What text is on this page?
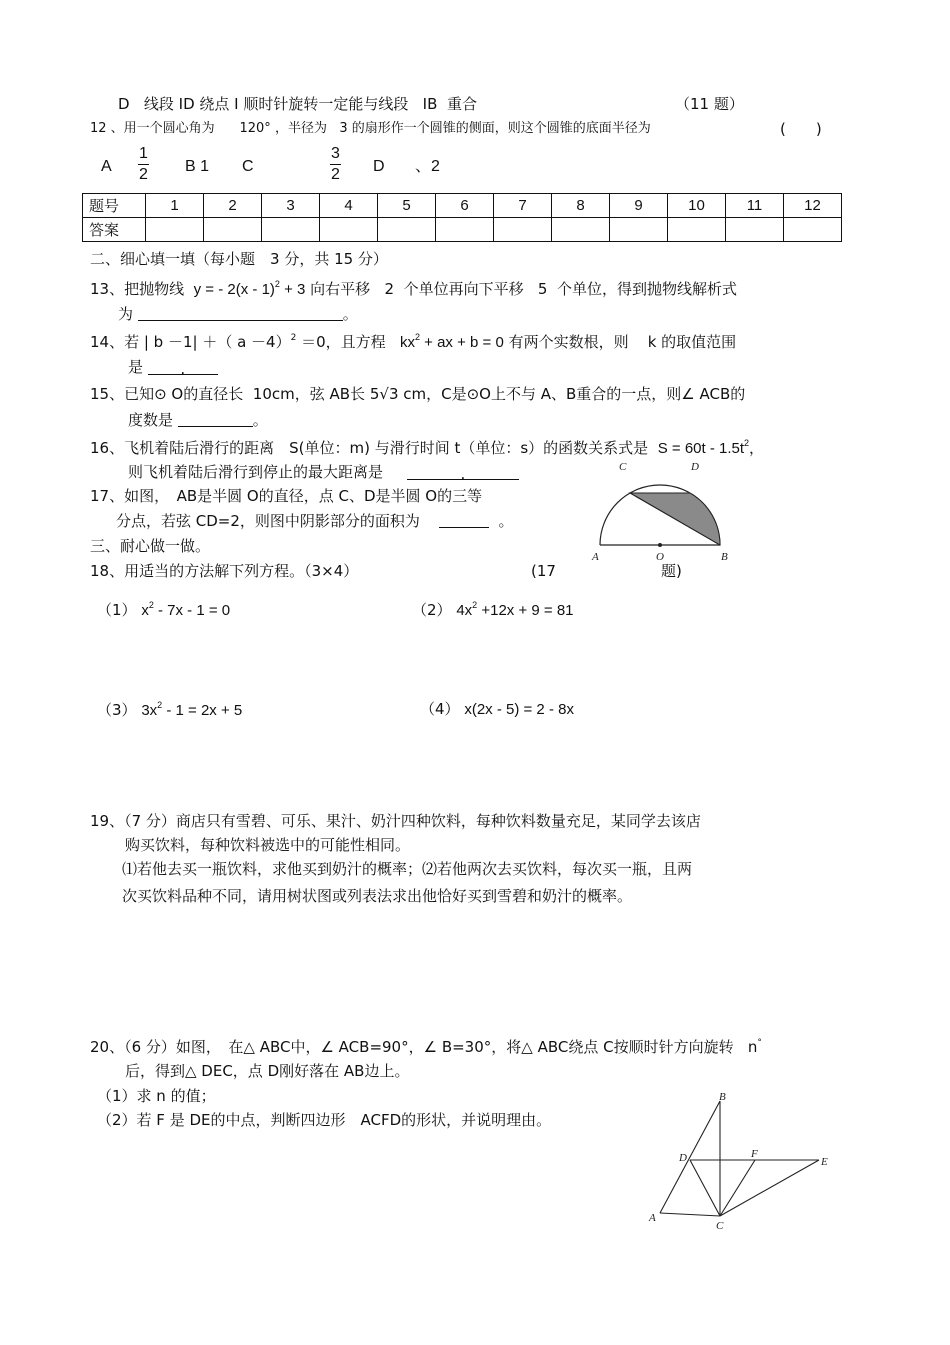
D 线段 ID 绕点 I 顺时针旋转一定能与线段 IB 重合	（11 题）
12 、用一个圆心角为 120° ，半径为 3 的扇形作一个圆锥的侧面，则这个圆锥的底面半径为	(　　)
A $\frac{1}{2}$ B 1 C	$\frac{3}{2}$ D 、2
题号	1	2	3	4	5	6	7	8	9	10	11	12
答案												
二、细心填一填（每小题　3 分，共 15 分）
13、把抛物线 y = - 2(x - 1)$^2$ + 3 向右平移 2 个单位再向下平移 5 个单位，得到抛物线解析式
为	。
14、若 | b －1| ＋（ a －4）$^2$ ＝0，且方程 $kx^2$ + ax + b = 0 有两个实数根，则 k 的取值范围
是 .
15、已知⊙ O的直径长 10cm，弦 AB长 5√3 cm，C是⊙O上不与 A、B重合的一点，则∠ ACB的
度数是	。
16、飞机着陆后滑行的距离　S(单位：m) 与滑行时间 t（单位：s）的函数关系式是 $S = 60t - 1.5t^2$，
则飞机着陆后滑行到停止的最大距离是	.
17、如图，　AB是半圆 O的直径，点 C、D是半圆 O的三等
分点，若弦 CD=2，则图中阴影部分的面积为	。
C	D
A	O	B
三、耐心做一做。
18、用适当的方法解下列方程。（3×4）	(17	题)
（1） $x^2 - 7x - 1 = 0$	（2） $4x^2 +12x + 9 = 81$
（3） $3x^2 - 1 = 2x + 5$	（4） x(2x - 5) = 2 - 8x
19、（7 分）商店只有雪碧、可乐、果汁、奶汁四种饮料，每种饮料数量充足，某同学去该店
购买饮料，每种饮料被选中的可能性相同。
⑴若他去买一瓶饮料，求他买到奶汁的概率；⑵若他两次去买饮料，每次买一瓶，且两
次买饮料品种不同，请用树状图或列表法求出他恰好买到雪碧和奶汁的概率。
20、（6 分）如图，　在△ ABC中，∠ ACB=90°，∠ B=30°，将△ ABC绕点 C按顺时针方向旋转 n°
后，得到△ DEC，点 D刚好落在 AB边上。
（1）求 n 的值；
（2）若 F 是 DE的中点，判断四边形　ACFD的形状，并说明理由。
B
D	F
E
A
C
